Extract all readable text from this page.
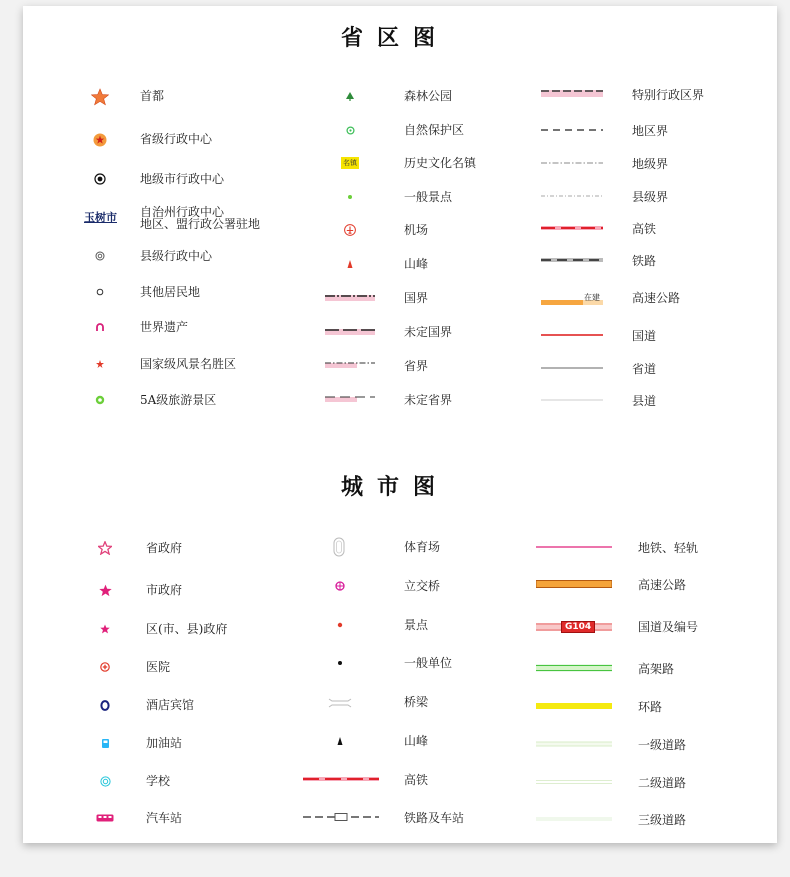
省区图
城市图
首都
省级行政中心
地级市行政中心
玉树市 自治州行政中心
地区、盟行政公署驻地
县级行政中心
其他居民地
世界遗产
国家级风景名胜区
5A级旅游景区
森林公园
自然保护区
名镇	历史文化名镇
一般景点
机场
山峰
国界
未定国界
省界
未定省界
特别行政区界
地区界
地级界
县级界
高铁
铁路
在建	高速公路
国道
省道
县道
省政府
市政府
区(市、县)政府
医院
酒店宾馆
加油站
学校
汽车站
体育场
立交桥
景点
一般单位
桥梁
山峰
高铁
铁路及车站
地铁、轻轨
高速公路
G104	国道及编号
高架路
环路
一级道路
二级道路
三级道路
